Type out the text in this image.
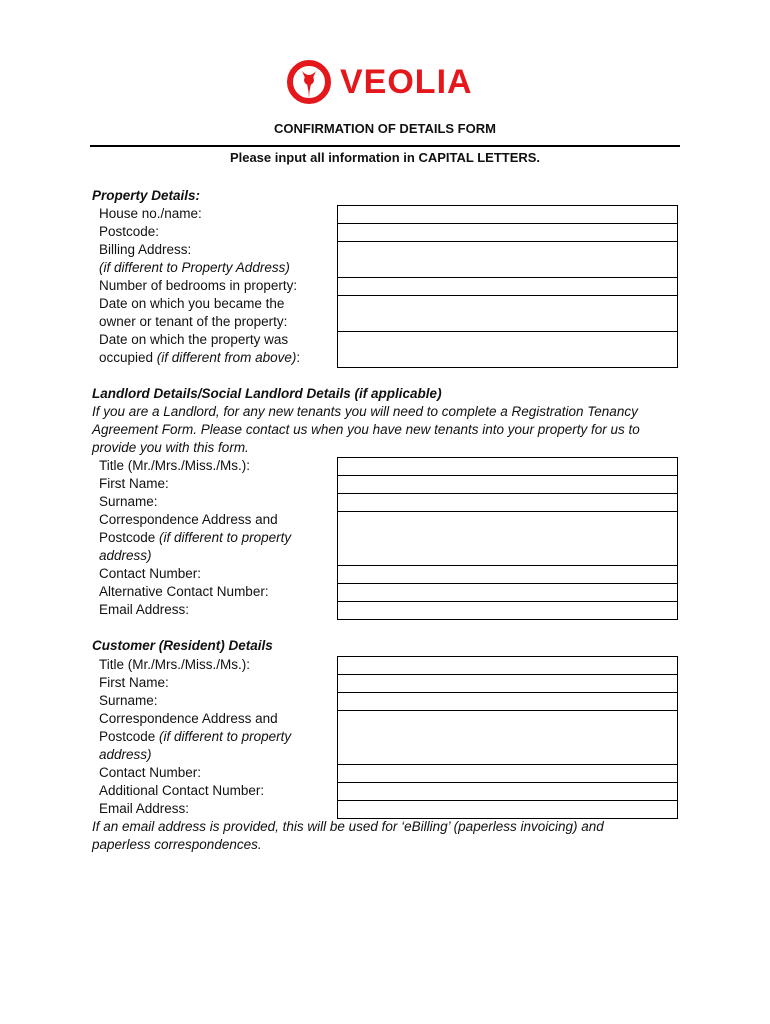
VEOLIA
CONFIRMATION OF DETAILS FORM
Please input all information in CAPITAL LETTERS.
Property Details:
House no./name:
Postcode:
Billing Address:
(if different to Property Address)
Number of bedrooms in property:
Date on which you became the
owner or tenant of the property:
Date on which the property was
occupied (if different from above):
Landlord Details/Social Landlord Details (if applicable)
If you are a Landlord, for any new tenants you will need to complete a Registration Tenancy
Agreement Form. Please contact us when you have new tenants into your property for us to
provide you with this form.
Title (Mr./Mrs./Miss./Ms.):
First Name:
Surname:
Correspondence Address and
Postcode (if different to property
address)
Contact Number:
Alternative Contact Number:
Email Address:
Customer (Resident) Details
Title (Mr./Mrs./Miss./Ms.):
First Name:
Surname:
Correspondence Address and
Postcode (if different to property
address)
Contact Number:
Additional Contact Number:
Email Address:
If an email address is provided, this will be used for ‘eBilling’ (paperless invoicing) and
paperless correspondences.
